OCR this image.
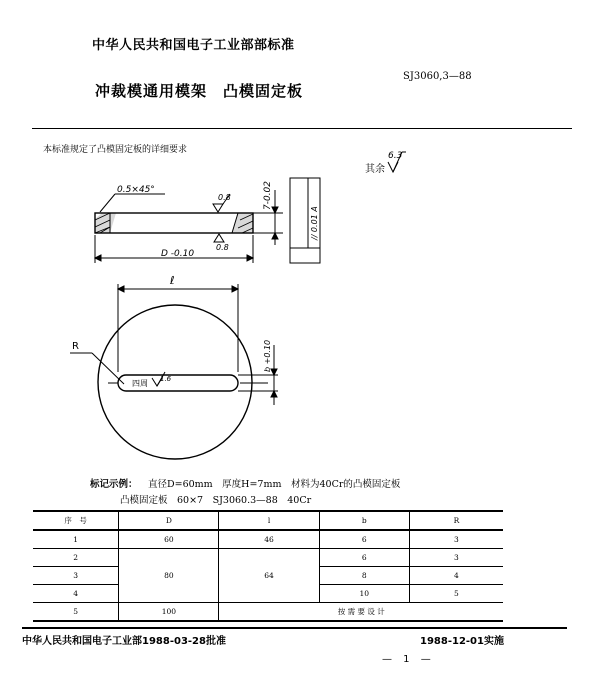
中华人民共和国电子工业部部标准
冲裁模通用模架　凸模固定板
SJ3060,3—88
本标准规定了凸模固定板的详细要求
其余
6.3
0.5×45°
0.8
0.8
7-0.02
// 0.01 A
D -0.10
ℓ
R	b +0.10
四周 1.6
标记示例： 直径D=60mm　厚度H=7mm　材料为40Cr的凸模固定板
凸模固定板　60×7　SJ3060.3—88　40Cr
序　号	D	l	b	R
1	60	46	6	3
2	80	64	6	3
3			8	4
4			10	5
5	100	按 需 要 设 计		
中华人民共和国电子工业部1988-03-28批准	1988-12-01实施
— 1 —
